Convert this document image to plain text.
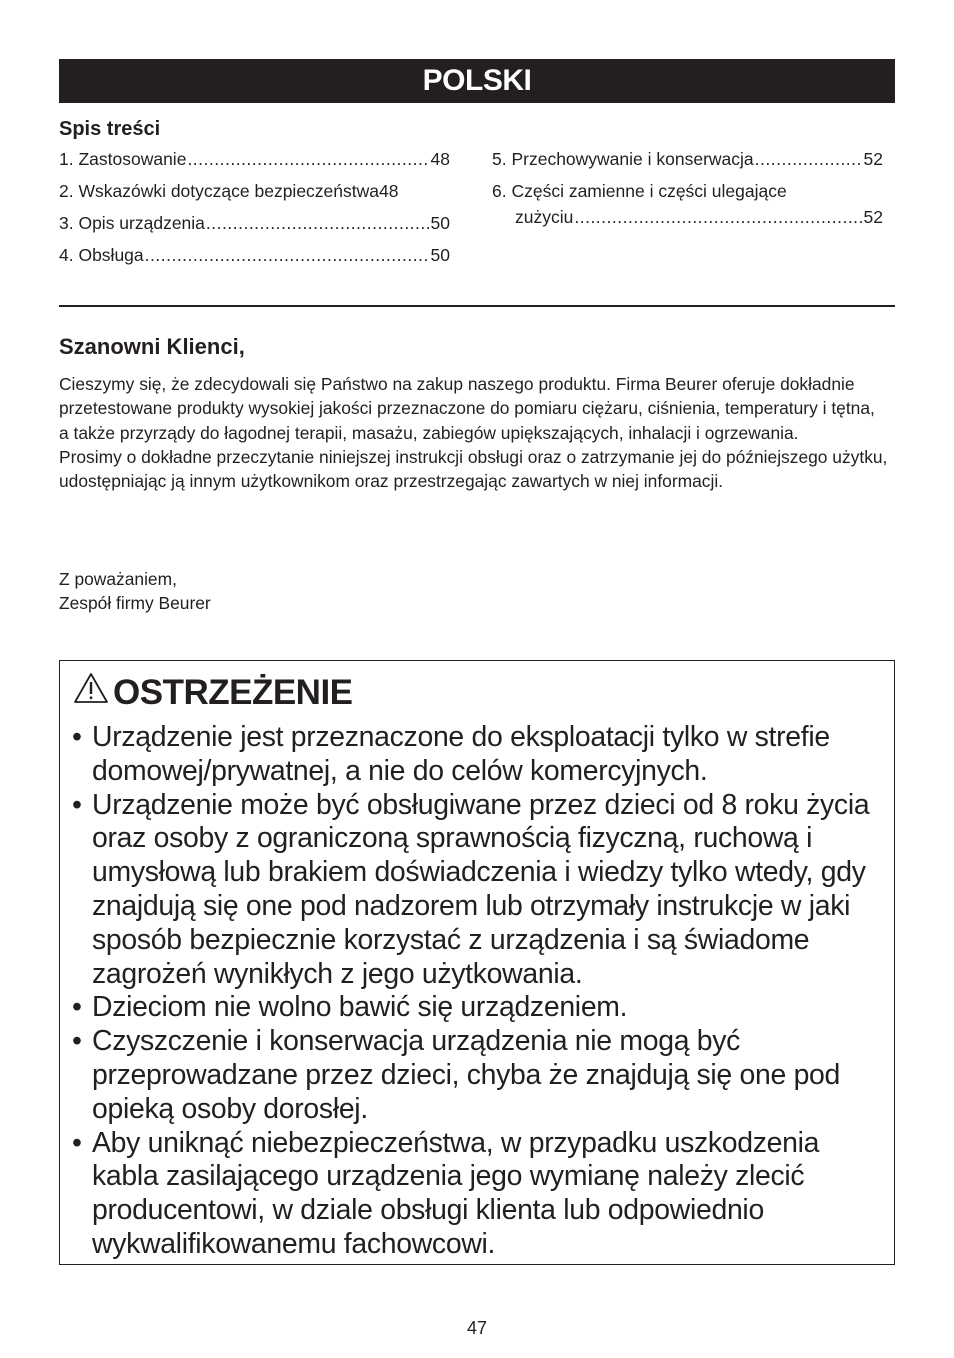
POLSKI
Spis treści
1. Zastosowanie .....	48
2. Wskazówki dotyczące bezpieczeństwa 48
3. Opis urządzenia .....	50
4. Obsługa .....	50
5. Przechowywanie i konserwacja .....	52
6. Części zamienne i części ulegające
zużyciu .....	52
Szanowni Klienci,

Cieszymy się, że zdecydowali się Państwo na zakup naszego produktu. Firma Beurer oferuje dokładnie przetestowane produkty wysokiej jakości przeznaczone do pomiaru ciężaru, ciśnienia, temperatury i tętna, a także przyrządy do łagodnej terapii, masażu, zabiegów upiększających, inhalacji i ogrzewania.

Prosimy o dokładne przeczytanie niniejszej instrukcji obsługi oraz o zatrzymanie jej do późniejszego użytku, udostępniając ją innym użytkownikom oraz przestrzegając zawartych w niej informacji.

Z poważaniem,
Zespół firmy Beurer
OSTRZEŻENIE
• Urządzenie jest przeznaczone do eksploatacji tylko w strefie domowej/prywatnej, a nie do celów komercyjnych.
• Urządzenie może być obsługiwane przez dzieci od 8 roku życia oraz osoby z ograniczoną sprawnością fizyczną, ruchową i umysłową lub brakiem doświadczenia i wiedzy tylko wtedy, gdy znajdują się one pod nadzorem lub otrzymały instrukcje w jaki sposób bezpiecznie korzystać z urządzenia i są świadome zagrożeń wynikłych z jego użytkowania.
• Dzieciom nie wolno bawić się urządzeniem.
• Czyszczenie i konserwacja urządzenia nie mogą być przeprowadzane przez dzieci, chyba że znajdują się one pod opieką osoby dorosłej.
• Aby uniknąć niebezpieczeństwa, w przypadku uszkodzenia kabla zasilającego urządzenia jego wymianę należy zlecić producentowi, w dziale obsługi klienta lub odpowiednio wykwalifikowanemu fachowcowi.
47
